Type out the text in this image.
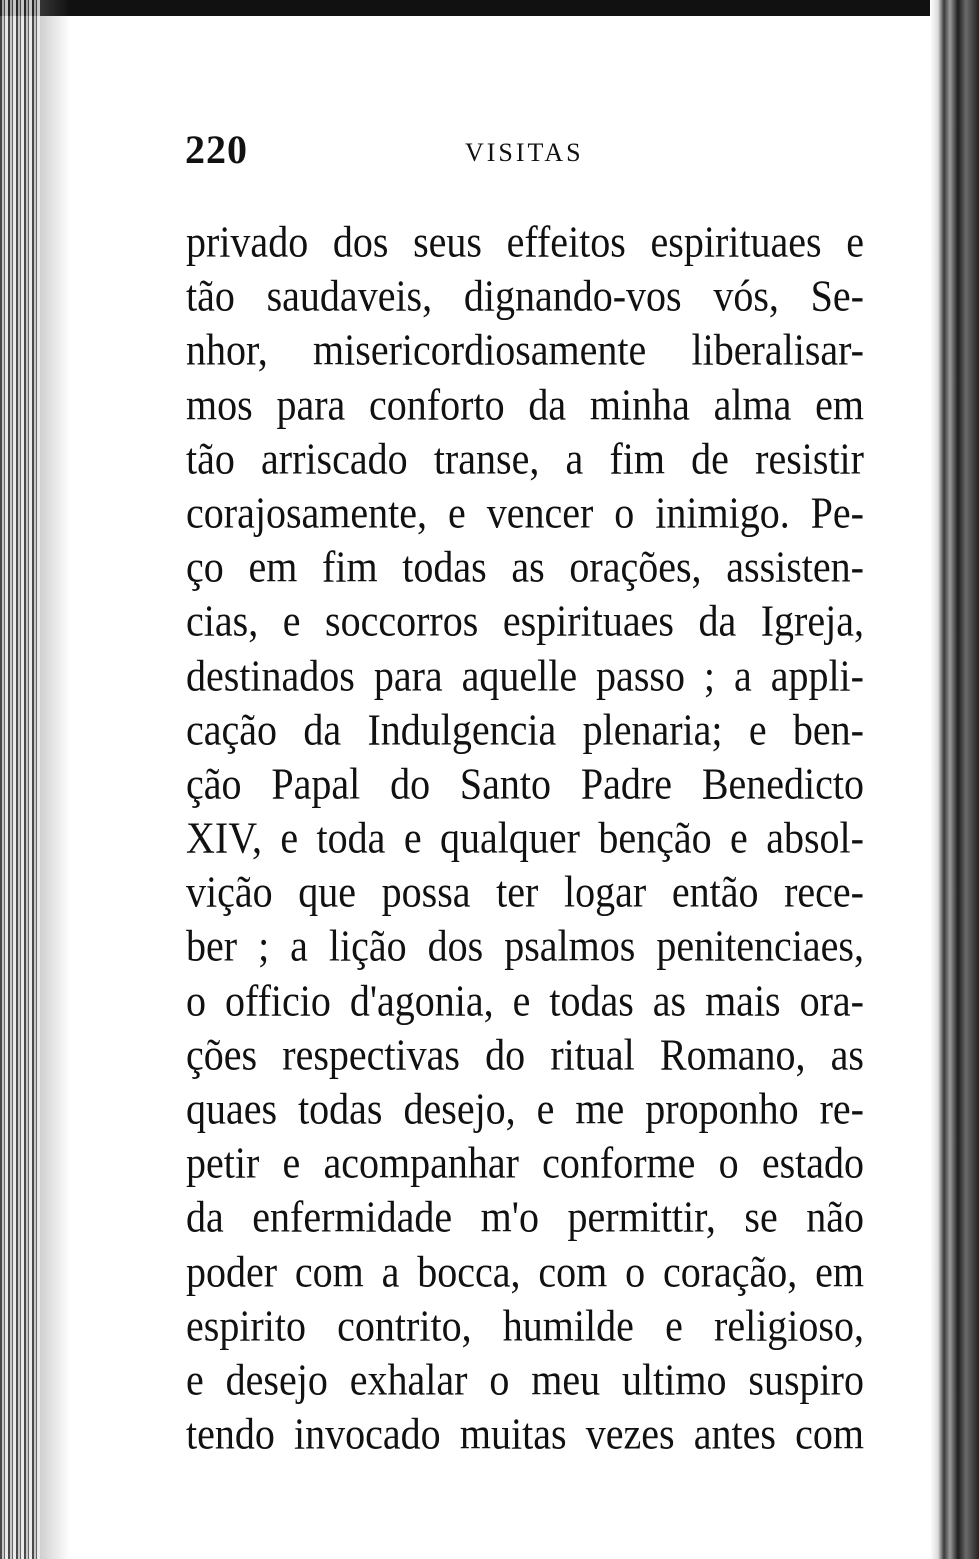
220	VISITAS
privado dos seus effeitos espirituaes e
tão saudaveis, dignando-vos vós, Se-
nhor, misericordiosamente liberalisar-
mos para conforto da minha alma em
tão arriscado transe, a fim de resistir
corajosamente, e vencer o inimigo. Pe-
ço em fim todas as orações, assisten-
cias, e soccorros espirituaes da Igreja,
destinados para aquelle passo ; a appli-
cação da Indulgencia plenaria; e ben-
ção Papal do Santo Padre Benedicto
XIV, e toda e qualquer benção e absol-
vição que possa ter logar então rece-
ber ; a lição dos psalmos penitenciaes,
o officio d'agonia, e todas as mais ora-
ções respectivas do ritual Romano, as
quaes todas desejo, e me proponho re-
petir e acompanhar conforme o estado
da enfermidade m'o permittir, se não
poder com a bocca, com o coração, em
espirito contrito, humilde e religioso,
e desejo exhalar o meu ultimo suspiro
tendo invocado muitas vezes antes com
